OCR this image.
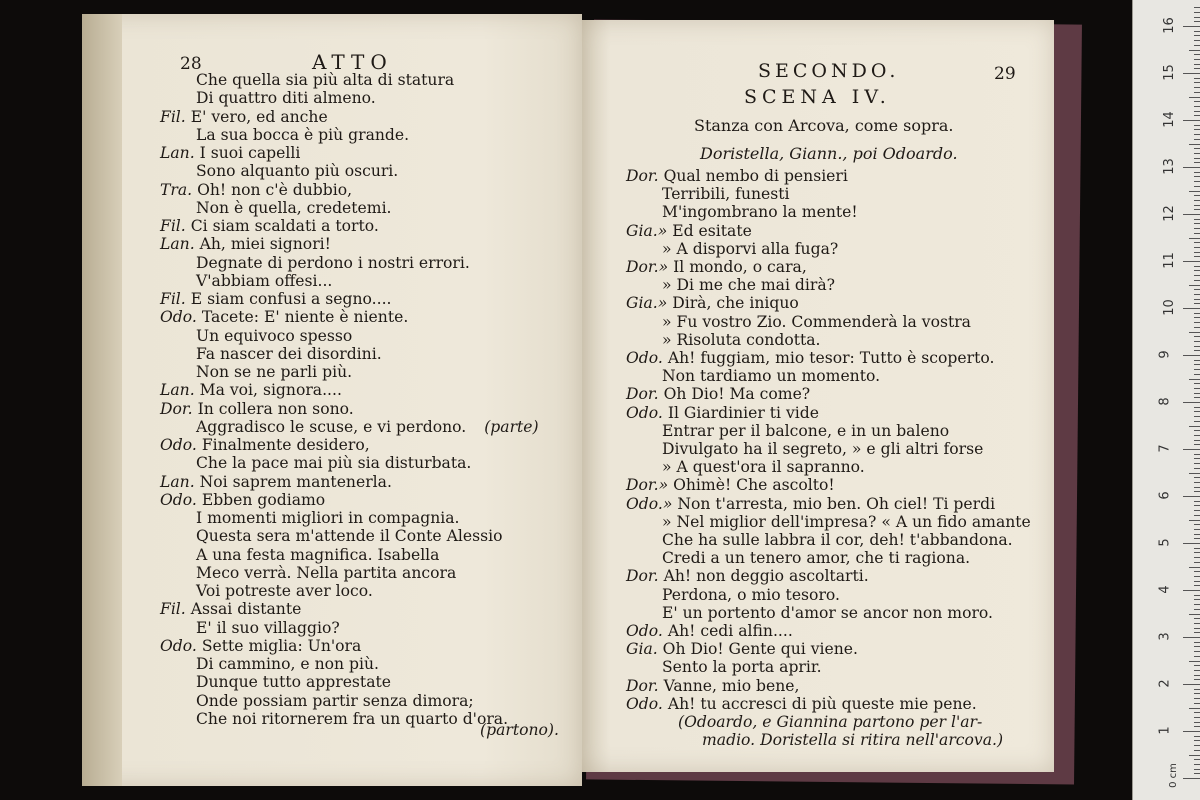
28	ATTO
Che quella sia più alta di statura
Di quattro diti almeno.
Fil. E' vero, ed anche
La sua bocca è più grande.
Lan. I suoi capelli
Sono alquanto più oscuri.
Tra. Oh! non c'è dubbio,
Non è quella, credetemi.
Fil. Ci siam scaldati a torto.
Lan. Ah, miei signori!
Degnate di perdono i nostri errori.
V'abbiam offesi...
Fil. E siam confusi a segno....
Odo. Tacete: E' niente è niente.
Un equivoco spesso
Fa nascer dei disordini.
Non se ne parli più.
Lan. Ma voi, signora....
Dor. In collera non sono.
Aggradisco le scuse, e vi perdono. (parte)
Odo. Finalmente desidero,
Che la pace mai più sia disturbata.
Lan. Noi saprem mantenerla.
Odo. Ebben godiamo
I momenti migliori in compagnia.
Questa sera m'attende il Conte Alessio
A una festa magnifica. Isabella
Meco verrà. Nella partita ancora
Voi potreste aver loco.
Fil. Assai distante
E' il suo villaggio?
Odo. Sette miglia: Un'ora
Di cammino, e non più.
Dunque tutto apprestate
Onde possiam partir senza dimora;
Che noi ritornerem fra un quarto d'ora.
(partono).
SECONDO.	29
SCENA IV.
Stanza con Arcova, come sopra.
Doristella, Giann., poi Odoardo.
Dor. Qual nembo di pensieri
Terribili, funesti
M'ingombrano la mente!
Gia.» Ed esitate
» A disporvi alla fuga?
Dor.» Il mondo, o cara,
» Di me che mai dirà?
Gia.» Dirà, che iniquo
» Fu vostro Zio. Commenderà la vostra
» Risoluta condotta.
Odo. Ah! fuggiam, mio tesor: Tutto è scoperto.
Non tardiamo un momento.
Dor. Oh Dio! Ma come?
Odo. Il Giardinier ti vide
Entrar per il balcone, e in un baleno
Divulgato ha il segreto, » e gli altri forse
» A quest'ora il sapranno.
Dor.» Ohimè! Che ascolto!
Odo.» Non t'arresta, mio ben. Oh ciel! Ti perdi
» Nel miglior dell'impresa? « A un fido amante
Che ha sulle labbra il cor, deh! t'abbandona.
Credi a un tenero amor, che ti ragiona.
Dor. Ah! non deggio ascoltarti.
Perdona, o mio tesoro.
E' un portento d'amor se ancor non moro.
Odo. Ah! cedi alfin....
Gia. Oh Dio! Gente qui viene.
Sento la porta aprir.
Dor. Vanne, mio bene,
Odo. Ah! tu accresci di più queste mie pene.
(Odoardo, e Giannina partono per l'ar-
madio. Doristella si ritira nell'arcova.)
16
15
14
13
12
11
10
9
8
7
6
5
4
3
2
1
0 cm
